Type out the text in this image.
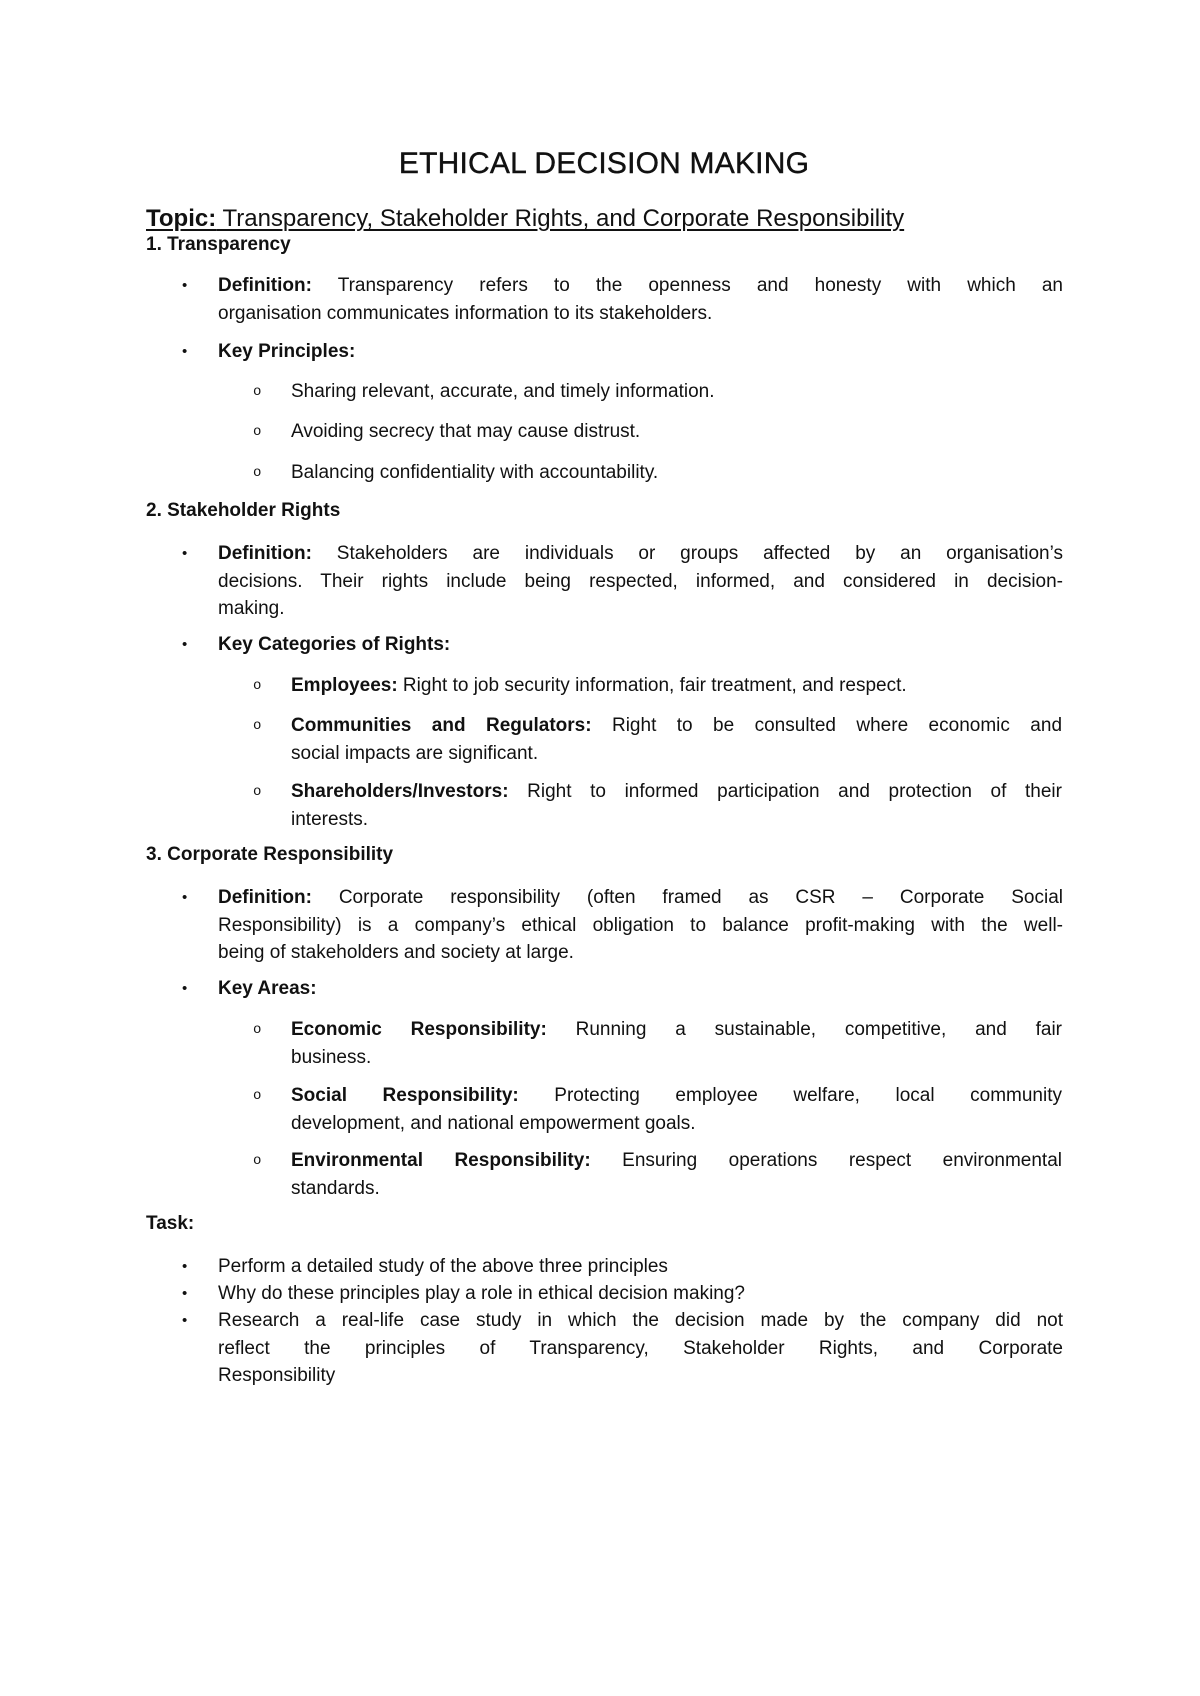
ETHICAL DECISION MAKING

Topic: Transparency, Stakeholder Rights, and Corporate Responsibility

1. Transparency

•	Definition: Transparency refers to the openness and honesty with which an
organisation communicates information to its stakeholders.
•	Key Principles:
o Sharing relevant, accurate, and timely information.
o Avoiding secrecy that may cause distrust.
o Balancing confidentiality with accountability.

2. Stakeholder Rights

•	Definition: Stakeholders are individuals or groups affected by an organisation’s
decisions. Their rights include being respected, informed, and considered in decision-
making.
•	Key Categories of Rights:
o Employees: Right to job security information, fair treatment, and respect.
o Communities and Regulators: Right to be consulted where economic and
social impacts are significant.
o Shareholders/Investors: Right to informed participation and protection of their
interests.

3. Corporate Responsibility

•	Definition: Corporate responsibility (often framed as CSR – Corporate Social
Responsibility) is a company’s ethical obligation to balance profit-making with the well-
being of stakeholders and society at large.
•	Key Areas:
o Economic Responsibility: Running a sustainable, competitive, and fair
business.
o Social Responsibility: Protecting employee welfare, local community
development, and national empowerment goals.
o Environmental Responsibility: Ensuring operations respect environmental
standards.

Task:

•	Perform a detailed study of the above three principles
•	Why do these principles play a role in ethical decision making?
•	Research a real-life case study in which the decision made by the company did not
reflect the principles of Transparency, Stakeholder Rights, and Corporate
Responsibility
